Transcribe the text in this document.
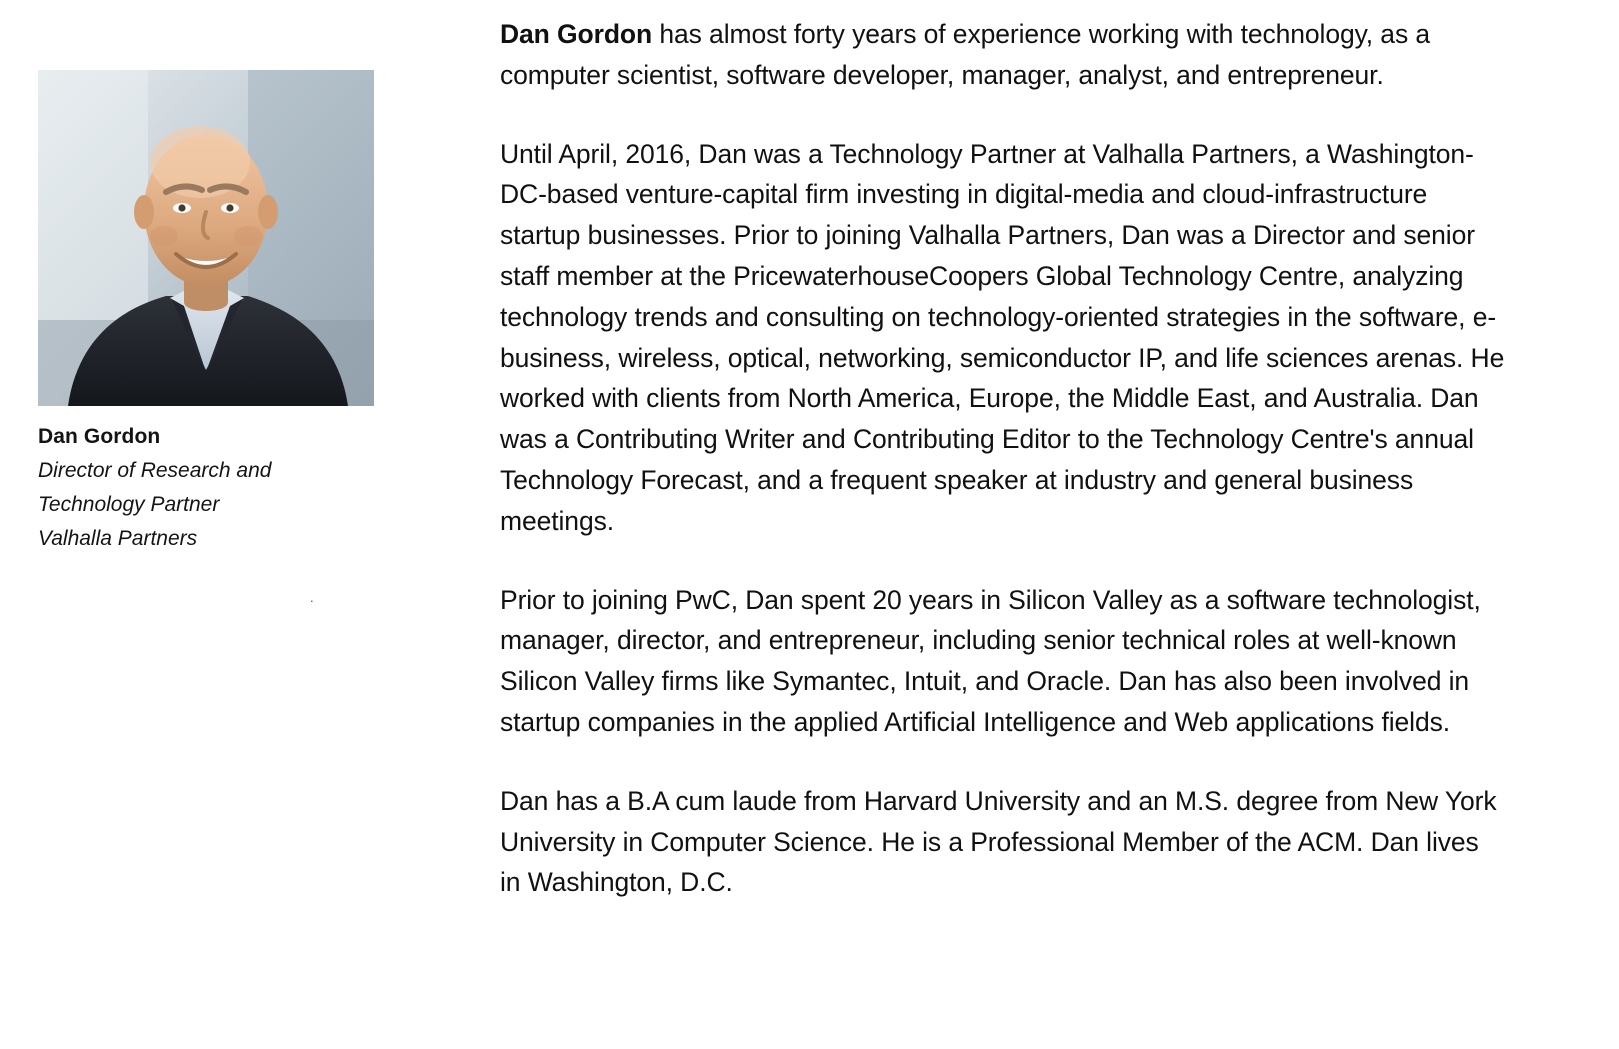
Dan Gordon
Director of Research and
Technology Partner
Valhalla Partners
.

Dan Gordon has almost forty years of experience working with technology, as a computer scientist, software developer, manager, analyst, and entrepreneur.

Until April, 2016, Dan was a Technology Partner at Valhalla Partners, a Washington-DC-based venture-capital firm investing in digital-media and cloud-infrastructure startup businesses. Prior to joining Valhalla Partners, Dan was a Director and senior staff member at the PricewaterhouseCoopers Global Technology Centre, analyzing technology trends and consulting on technology-oriented strategies in the software, e-business, wireless, optical, networking, semiconductor IP, and life sciences arenas. He worked with clients from North America, Europe, the Middle East, and Australia. Dan was a Contributing Writer and Contributing Editor to the Technology Centre's annual Technology Forecast, and a frequent speaker at industry and general business meetings.

Prior to joining PwC, Dan spent 20 years in Silicon Valley as a software technologist, manager, director, and entrepreneur, including senior technical roles at well-known Silicon Valley firms like Symantec, Intuit, and Oracle. Dan has also been involved in startup companies in the applied Artificial Intelligence and Web applications fields.

Dan has a B.A cum laude from Harvard University and an M.S. degree from New York University in Computer Science. He is a Professional Member of the ACM. Dan lives in Washington, D.C.
